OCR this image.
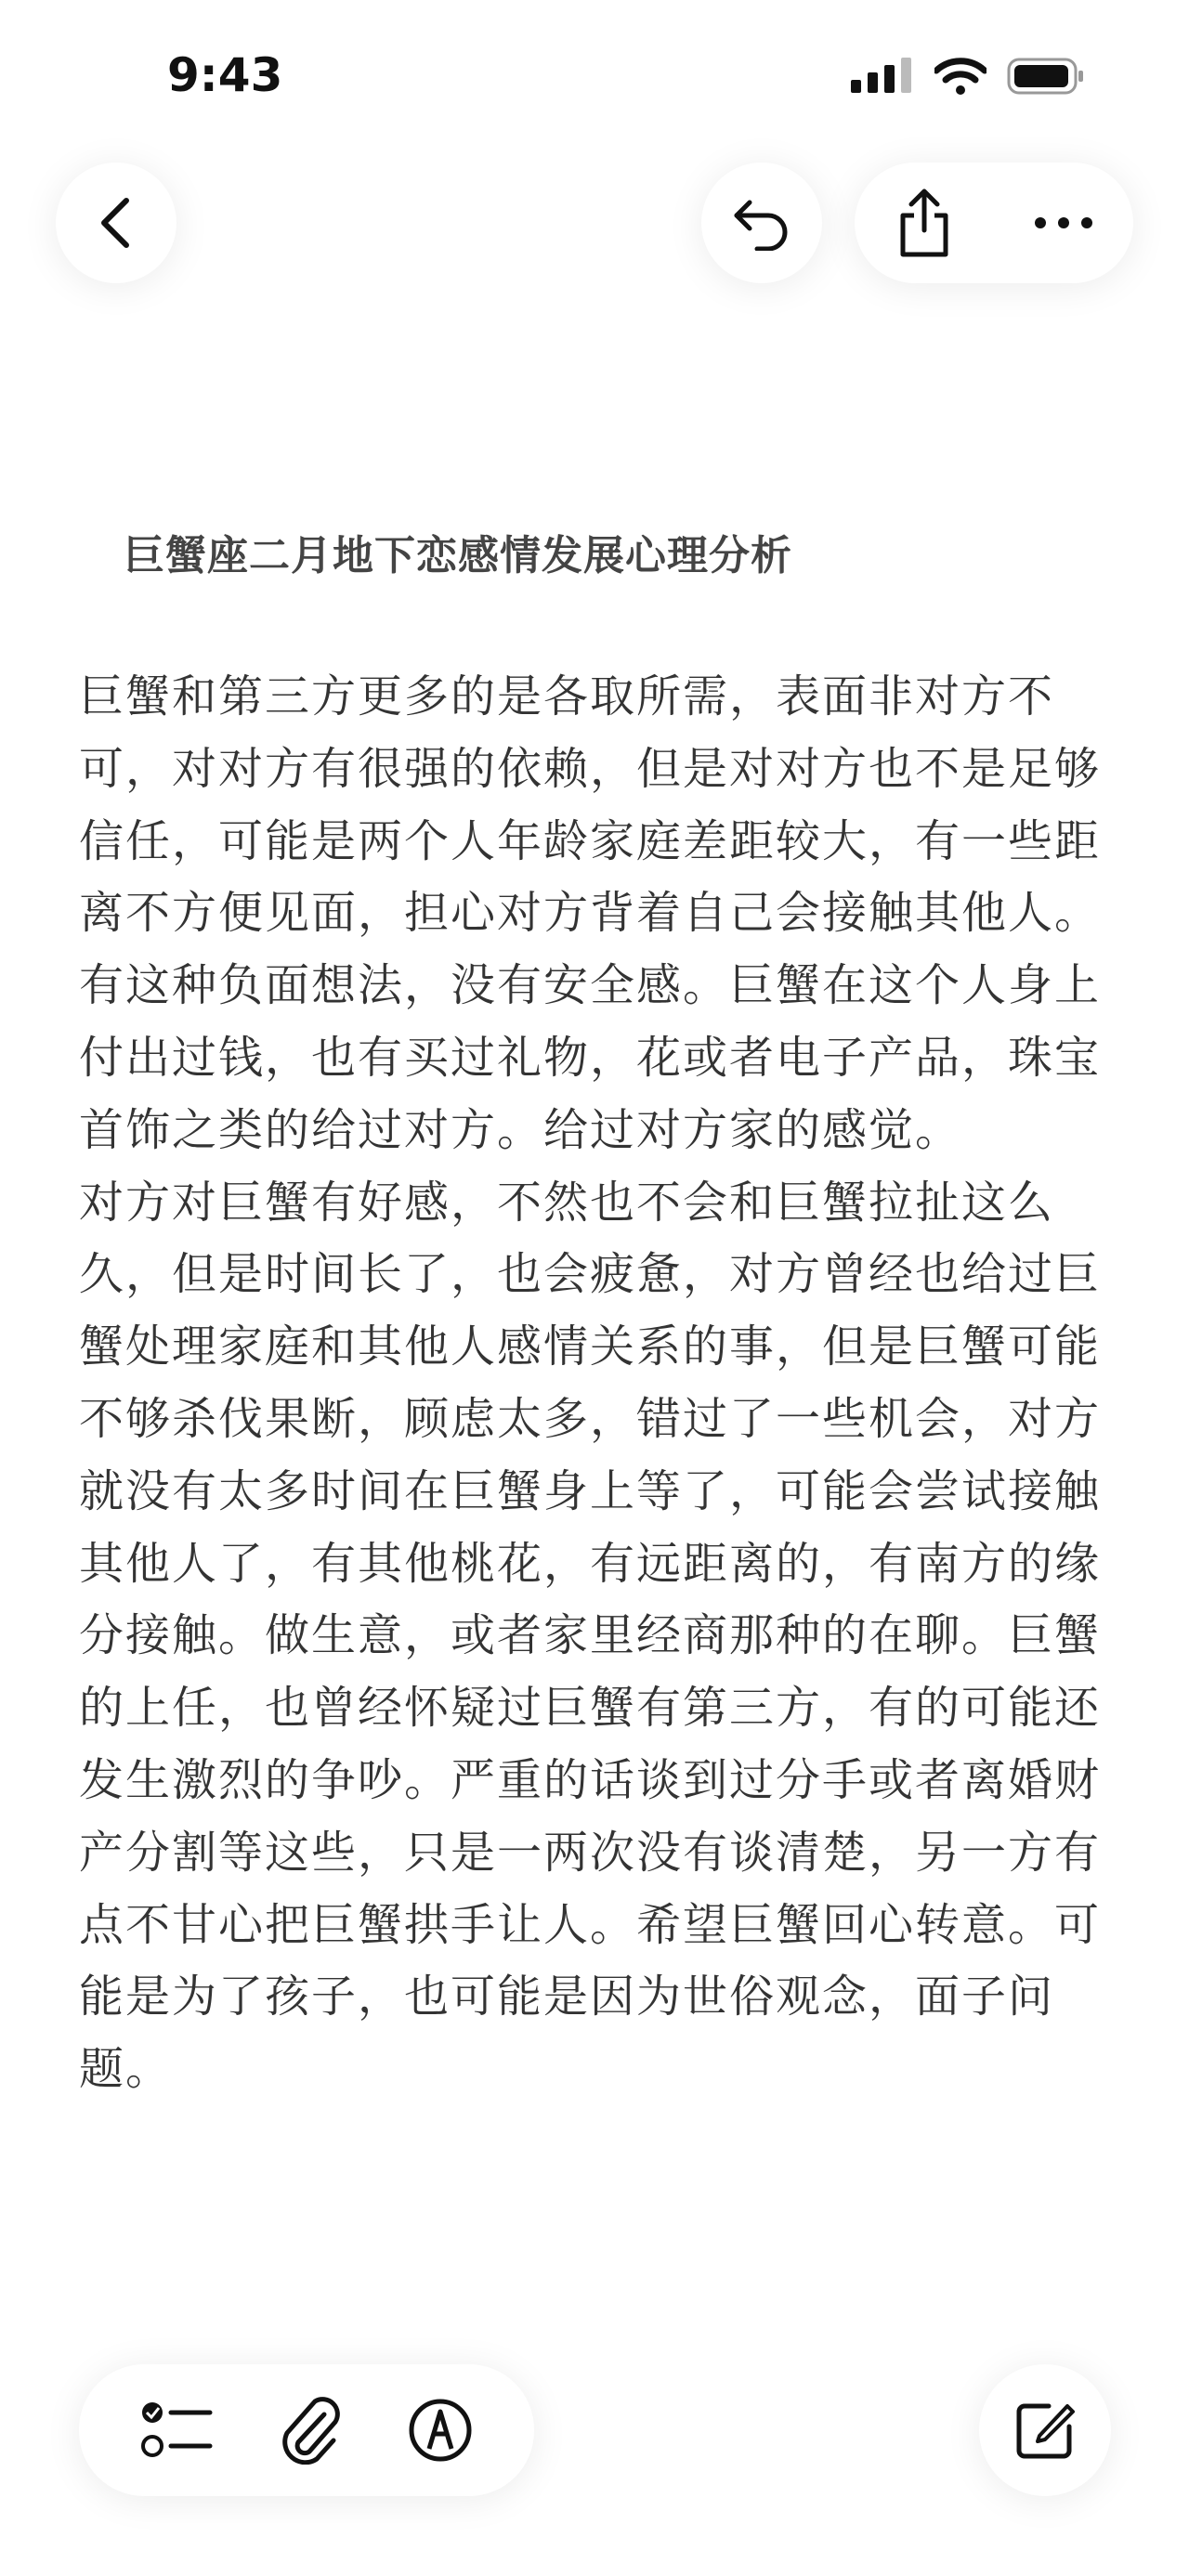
9:43
巨蟹座二月地下恋感情发展心理分析
巨蟹和第三方更多的是各取所需，表面非对方不
可，对对方有很强的依赖，但是对对方也不是足够
信任，可能是两个人年龄家庭差距较大，有一些距
离不方便见面，担心对方背着自己会接触其他人。
有这种负面想法，没有安全感。巨蟹在这个人身上
付出过钱，也有买过礼物，花或者电子产品，珠宝
首饰之类的给过对方。给过对方家的感觉。
对方对巨蟹有好感，不然也不会和巨蟹拉扯这么
久，但是时间长了，也会疲惫，对方曾经也给过巨
蟹处理家庭和其他人感情关系的事，但是巨蟹可能
不够杀伐果断，顾虑太多，错过了一些机会，对方
就没有太多时间在巨蟹身上等了，可能会尝试接触
其他人了，有其他桃花，有远距离的，有南方的缘
分接触。做生意，或者家里经商那种的在聊。巨蟹
的上任，也曾经怀疑过巨蟹有第三方，有的可能还
发生激烈的争吵。严重的话谈到过分手或者离婚财
产分割等这些，只是一两次没有谈清楚，另一方有
点不甘心把巨蟹拱手让人。希望巨蟹回心转意。可
能是为了孩子，也可能是因为世俗观念，面子问
题。
